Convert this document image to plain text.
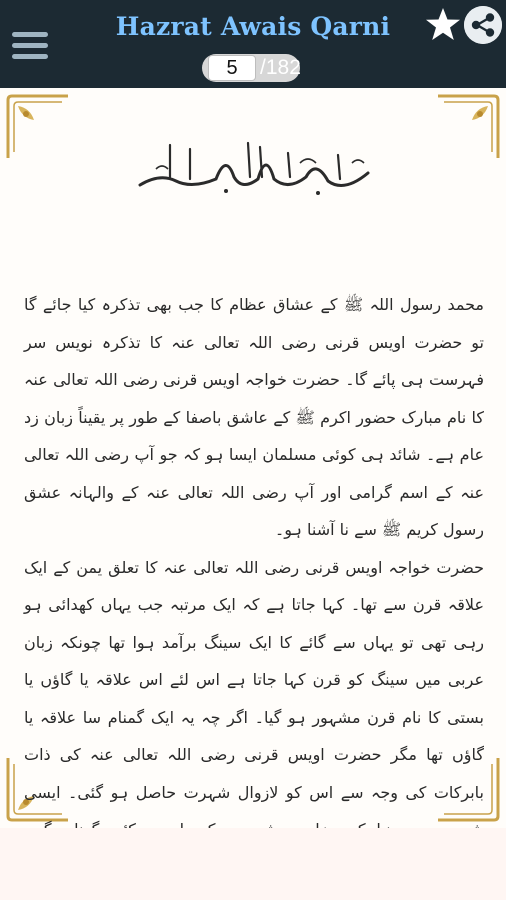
Hazrat Awais Qarni
5	/182

محمد رسول اللہ ﷺ کے عشاق عظام کا جب بھی تذکرہ کیا جائے گا تو حضرت اویس قرنی رضی اللہ تعالی عنہ کا تذکرہ نویس سر فہرست ہی پائے گا۔ حضرت خواجہ اویس قرنی رضی اللہ تعالی عنہ کا نام مبارک حضور اکرم ﷺ کے عاشق باصفا کے طور پر یقیناً زبان زد عام ہے۔ شائد ہی کوئی مسلمان ایسا ہو کہ جو آپ رضی اللہ تعالی عنہ کے اسم گرامی اور آپ رضی اللہ تعالی عنہ کے والہانہ عشق رسول کریم ﷺ سے نا آشنا ہو۔

حضرت خواجہ اویس قرنی رضی اللہ تعالی عنہ کا تعلق یمن کے ایک علاقہ قرن سے تھا۔ کہا جاتا ہے کہ ایک مرتبہ جب یہاں کھدائی ہو رہی تھی تو یہاں سے گائے کا ایک سینگ برآمد ہوا تھا چونکہ زبان عربی میں سینگ کو قرن کہا جاتا ہے اس لئے اس علاقہ یا گاؤں یا بستی کا نام قرن مشہور ہو گیا۔ اگر چہ یہ ایک گمنام سا علاقہ یا گاؤں تھا مگر حضرت اویس قرنی رضی اللہ تعالی عنہ کی ذات بابرکات کی وجہ سے اس کو لازوال شہرت حاصل ہو گئی۔ ایسی
